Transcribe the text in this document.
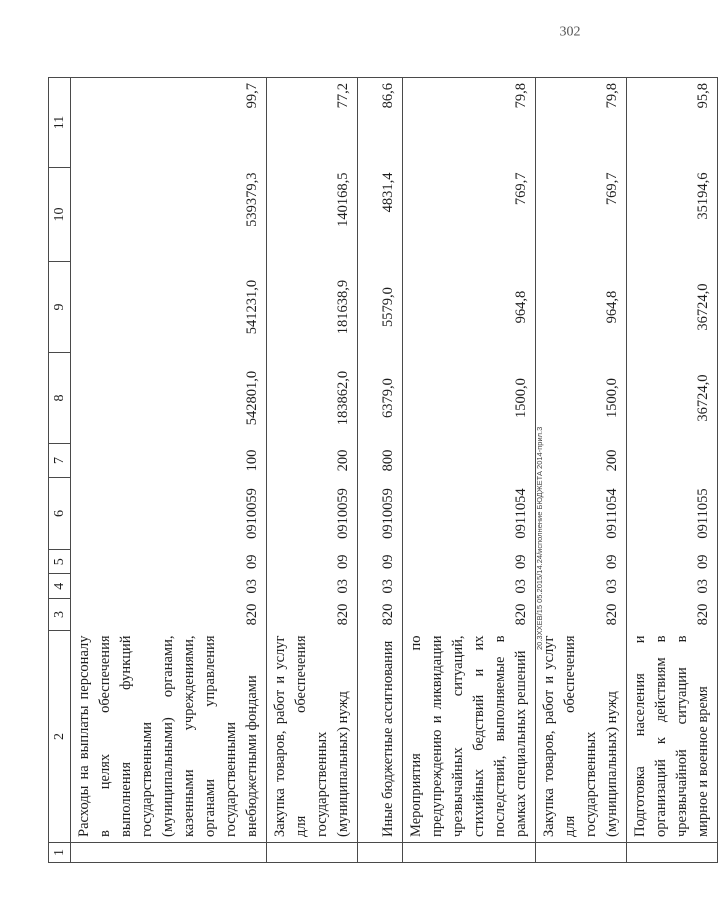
1	2	3	4	5	6	7	8	9	10	11
	Расходы на выплаты персоналу в целях обеспечения выполнения функций государственными (муниципальными) органами, казенными учреждениями, органами управления государственными внебюджетными фондами	820	03	09	0910059	100	542801,0	541231,0	539379,3	99,7
	Закупка товаров, работ и услуг для обеспечения государственных (муниципальных) нужд	820	03	09	0910059	200	183862,0	181638,9	140168,5	77,2
	Иные бюджетные ассигнования	820	03	09	0910059	800	6379,0	5579,0	4831,4	86,6
	Мероприятия по предупреждению и ликвидации чрезвычайных ситуаций, стихийных бедствий и их последствий, выполняемые в рамках специальных решений	820	03	09	0911054		1500,0	964,8	769,7	79,8
	Закупка товаров, работ и услуг для обеспечения государственных (муниципальных) нужд	820	03	09	0911054	200	1500,0	964,8	769,7	79,8
	Подготовка населения и организаций к действиям в чрезвычайной ситуации в мирное и военное время	820	03	09	0911055		36724,0	36724,0	35194,6	95,8
302
20.3ХХЕВ/15 05.2015/14.24/исполнение БЮДЖЕТА 2014-прил.3
